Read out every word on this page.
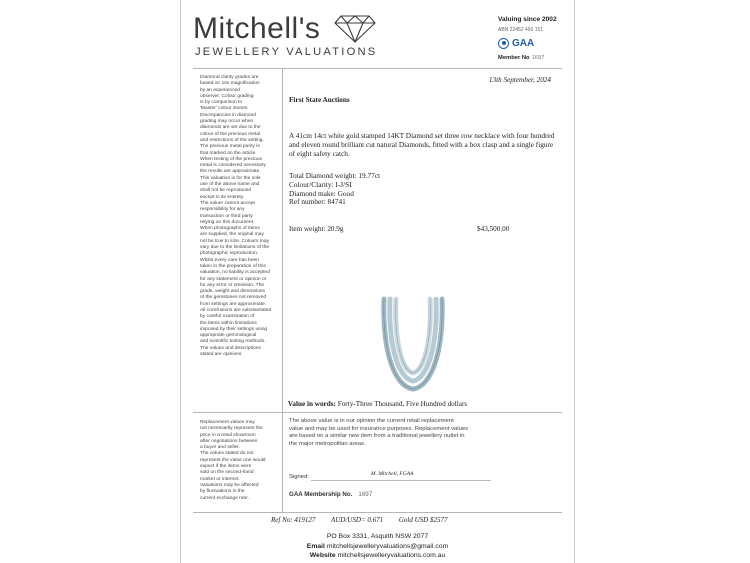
Mitchell's
JEWELLERY VALUATIONS
Valuing since 2002
ABN 22452 493 151
GAA
Member No 1697
Diamond clarity grades are
based on 10x magnification
by an experienced
observer. Colour grading
is by comparison to
'Master' colour stones.
Discrepancies in diamond
grading may occur when
diamonds are set due to the
colour of the precious metal
and restrictions of the setting.
The precious metal purity is
that marked on the article.
When testing of the precious
metal is considered necessary
the results are approximate.
This valuation is for the sole
use of the above name and
shall not be reproduced
except in its entirety.
The valuer cannot accept
responsibility for any
transaction or third party
relying on this document.
When photographs of items
are supplied, the original may
not be true to size. Colours may
vary due to the limitations of the
photographic reproduction.
Whilst every care has been
taken in the preparation of this
valuation, no liability is accepted
for any statement or opinion or
for any error or omission. The
grade, weight and dimensions
of the gemstones not removed
from settings are approximate.
All conclusions are substantiated
by careful examination of
the items within limitations
imposed by their settings using
appropriate gemmological
and scientific testing methods.
The values and descriptions
stated are opinions.
13th September, 2024
First State Auctions
A 41cm 14ct white gold stamped 14KT Diamond set three row necklace with four hundred and eleven round brilliant cut natural Diamonds, fitted with a box clasp and a single figure of eight safety catch.
Total Diamond weight: 19.77ct
Colour/Clarity: I-J/SI
Diamond make: Good
Ref number: 84741
Item weight: 20.9g	$43,500.00
Value in words: Forty-Three Thousand, Five Hundred dollars
Replacement values may
not necessarily represent the
price in a retail showroom
after negotiations between
a buyer and seller.
The values stated do not
represent the value one would
expect if the items were
sold on the second-hand
market or internet.
Valuations may be affected
by fluctuations in the
current exchange rate.
The above value is in our opinion the current retail replacement value and may be used for insurance purposes. Replacement values are based on a similar new item from a traditional jewellery outlet in the major metropolitan areas.
Signed:	M. Mitchell, FGAA
GAA Membership No. 1697
Ref No: 419127 AUD/USD= 0.671 Gold USD $2577
PO Box 3331, Asquith NSW 2077
Email mitchellsjewelleryvaluations@gmail.com
Website mitchellsjewelleryvaluations.com.au
